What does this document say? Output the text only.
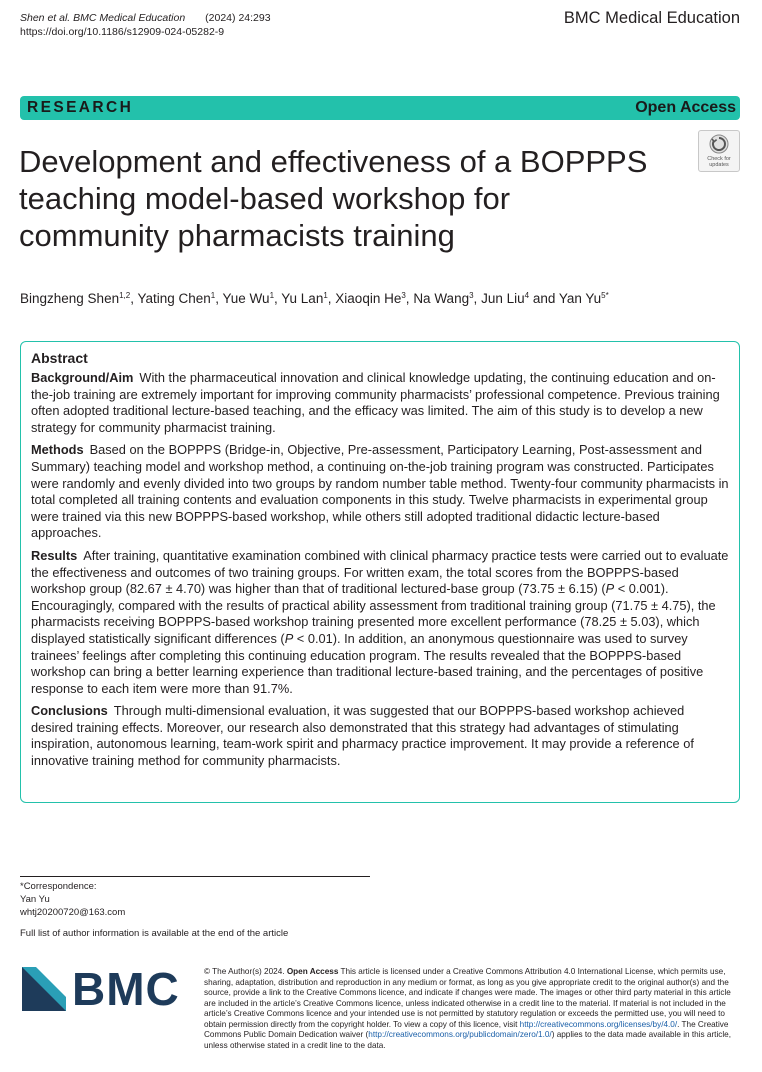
Shen et al. BMC Medical Education (2024) 24:293
https://doi.org/10.1186/s12909-024-05282-9
BMC Medical Education
RESEARCH	Open Access
Development and effectiveness of a BOPPPS teaching model-based workshop for community pharmacists training
Check for
updates
Bingzheng Shen$^{1,2}$, Yating Chen$^1$, Yue Wu$^1$, Yu Lan$^1$, Xiaoqin He$^3$, Na Wang$^3$, Jun Liu$^4$ and Yan $Yu^{5*}$
Abstract

Background/Aim With the pharmaceutical innovation and clinical knowledge updating, the continuing education and on-the-job training are extremely important for improving community pharmacists’ professional competence. Previous training often adopted traditional lecture-based teaching, and the efficacy was limited. The aim of this study is to develop a new strategy for community pharmacist training.

Methods Based on the BOPPPS (Bridge-in, Objective, Pre-assessment, Participatory Learning, Post-assessment and Summary) teaching model and workshop method, a continuing on-the-job training program was constructed. Participates were randomly and evenly divided into two groups by random number table method. Twenty-four community pharmacists in total completed all training contents and evaluation components in this study. Twelve pharmacists in experimental group were trained via this new BOPPPS-based workshop, while others still adopted traditional didactic lecture-based approaches.

Results After training, quantitative examination combined with clinical pharmacy practice tests were carried out to evaluate the effectiveness and outcomes of two training groups. For written exam, the total scores from the BOPPPS-based workshop group (82.67 ± 4.70) was higher than that of traditional lectured-base group (73.75 ± 6.15) (P < 0.001). Encouragingly, compared with the results of practical ability assessment from traditional training group (71.75 ± 4.75), the pharmacists receiving BOPPPS-based workshop training presented more excellent performance (78.25 ± 5.03), which displayed statistically significant differences (P < 0.01). In addition, an anonymous questionnaire was used to survey trainees’ feelings after completing this continuing education program. The results revealed that the BOPPPS-based workshop can bring a better learning experience than traditional lecture-based training, and the percentages of positive response to each item were more than 91.7%.

Conclusions Through multi-dimensional evaluation, it was suggested that our BOPPPS-based workshop achieved desired training effects. Moreover, our research also demonstrated that this strategy had advantages of stimulating inspiration, autonomous learning, team-work spirit and pharmacy practice improvement. It may provide a reference of innovative training method for community pharmacists.

*Correspondence:
Yan Yu
whtj20200720@163.com
Full list of author information is available at the end of the article
BMC	© The Author(s) 2024. Open Access This article is licensed under a Creative Commons Attribution 4.0 International License, which permits use, sharing, adaptation, distribution and reproduction in any medium or format, as long as you give appropriate credit to the original author(s) and the source, provide a link to the Creative Commons licence, and indicate if changes were made. The images or other third party material in this article are included in the article’s Creative Commons licence, unless indicated otherwise in a credit line to the material. If material is not included in the article’s Creative Commons licence and your intended use is not permitted by statutory regulation or exceeds the permitted use, you will need to obtain permission directly from the copyright holder. To view a copy of this licence, visit http://creativecommons.org/licenses/by/4.0/. The Creative Commons Public Domain Dedication waiver (http://creativecommons.org/publicdomain/zero/1.0/) applies to the data made available in this article, unless otherwise stated in a credit line to the data.
